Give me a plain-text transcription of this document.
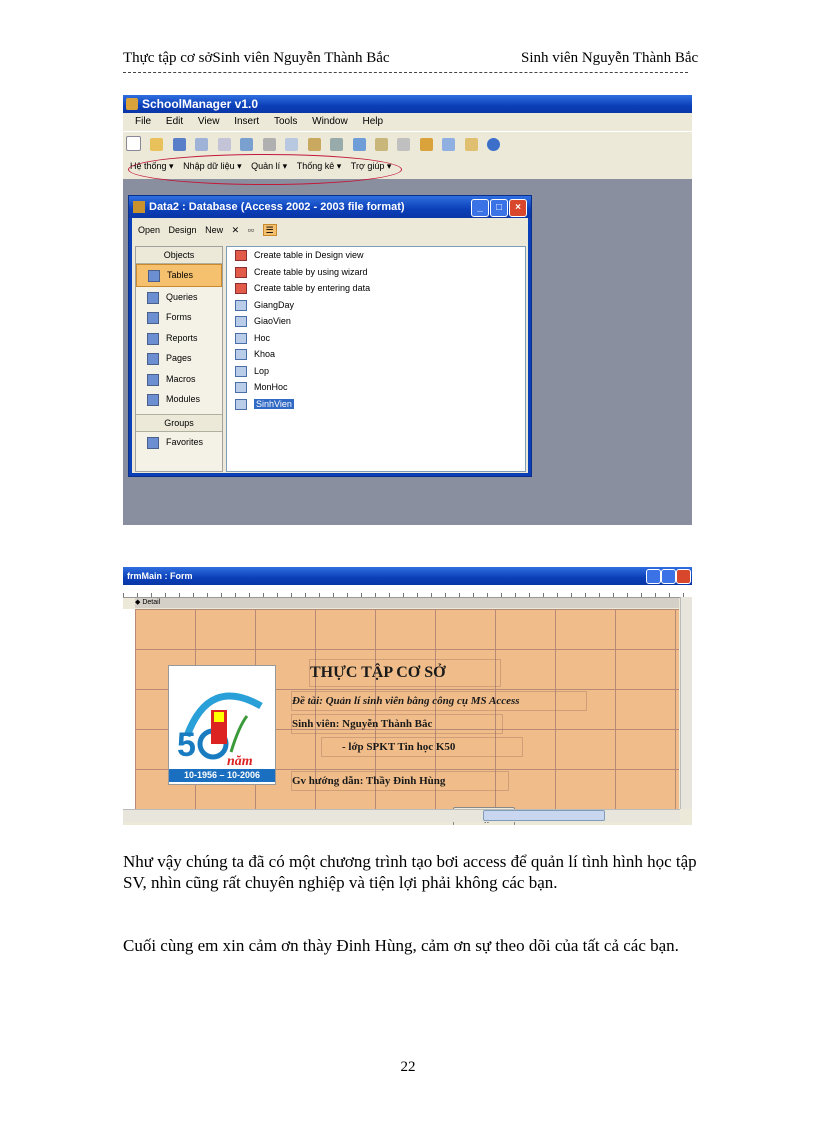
Thực tập cơ sởSinh viên Nguyễn Thành Bắc	Sinh viên Nguyễn Thành Bắc
SchoolManager v1.0
File Edit View Insert Tools Window Help

Hệ thống ▾ Nhập dữ liệu ▾ Quản lí ▾ Thống kê ▾ Trợ giúp ▾
Data2 : Database (Access 2002 - 2003 file format)	_	□	×
Open Design New ✕ ▫▫ ☰
Objects
Tables
Queries
Forms
Reports
Pages
Macros
Modules
Groups
Favorites
Create table in Design view
Create table by using wizard
Create table by entering data
GiangDay
GiaoVien
Hoc
Khoa
Lop
MonHoc
SinhVien
frmMain : Form
◆ Detail
5 năm
10-1956 – 10-2006
THỰC TẬP CƠ SỞ
Đề tài: Quản lí sinh viên bằng công cụ MS Access
Sinh viên: Nguyễn Thành Bắc
- lớp SPKT Tin học K50
Gv hướng dẫn: Thầy Đinh Hùng
Như vậy chúng ta đã có một chương trình tạo bơi access để quản lí tình hình học tập SV, nhìn cũng rất chuyên nghiệp và tiện lợi phải không các bạn.
Cuối cùng em xin cảm ơn thày Đinh Hùng, cảm ơn sự theo dõi của tất cả các bạn.
22
